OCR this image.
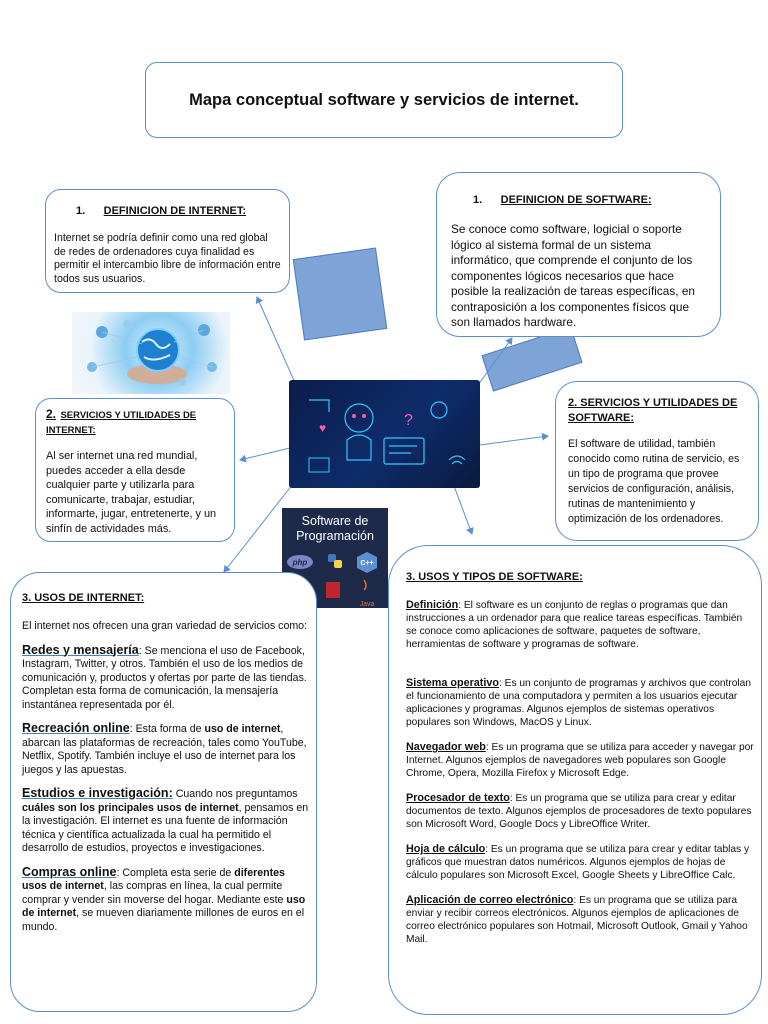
Mapa conceptual software y servicios de internet.
1. DEFINICION DE INTERNET:

Internet se podría definir como una red global de redes de ordenadores cuya finalidad es permitir el intercambio libre de información entre todos sus usuarios.

1. DEFINICION DE SOFTWARE:

Se conoce como software, logicial o soporte lógico al sistema formal de un sistema informático, que comprende el conjunto de los componentes lógicos necesarios que hace posible la realización de tareas específicas, en contraposición a los componentes físicos que son llamados hardware.

?
♥
2. SERVICIOS Y UTILIDADES DE INTERNET:

Al ser internet una red mundial, puedes acceder a ella desde cualquier parte y utilizarla para comunicarte, trabajar, estudiar, informarte, jugar, entretenerte, y un sinfín de actividades más.

2. SERVICIOS Y UTILIDADES DE SOFTWARE:

El software de utilidad, también conocido como rutina de servicio, es un tipo de programa que provee servicios de configuración, análisis, rutinas de mantenimiento y optimización de los ordenadores.

Software de
Programación
php	C++
Java
3. USOS DE INTERNET:

El internet nos ofrecen una gran variedad de servicios como:

Redes y mensajería: Se menciona el uso de Facebook, Instagram, Twitter, y otros. También el uso de los medios de comunicación y, productos y ofertas por parte de las tiendas. Completan esta forma de comunicación, la mensajería instantánea representada por él.

Recreación online: Esta forma de uso de internet, abarcan las plataformas de recreación, tales como YouTube, Netflix, Spotify. También incluye el uso de internet para los juegos y las apuestas.

Estudios e investigación: Cuando nos preguntamos cuáles son los principales usos de internet, pensamos en la investigación. El internet es una fuente de información técnica y científica actualizada la cual ha permitido el desarrollo de estudios, proyectos e investigaciones.

Compras online: Completa esta serie de diferentes usos de internet, las compras en línea, la cual permite comprar y vender sin moverse del hogar. Mediante este uso de internet, se mueven diariamente millones de euros en el mundo.

3. USOS Y TIPOS DE SOFTWARE:

Definición: El software es un conjunto de reglas o programas que dan instrucciones a un ordenador para que realice tareas específicas. También se conoce como aplicaciones de software, paquetes de software, herramientas de software y programas de software.

Sistema operativo: Es un conjunto de programas y archivos que controlan el funcionamiento de una computadora y permiten a los usuarios ejecutar aplicaciones y programas. Algunos ejemplos de sistemas operativos populares son Windows, MacOS y Linux.

Navegador web: Es un programa que se utiliza para acceder y navegar por Internet. Algunos ejemplos de navegadores web populares son Google Chrome, Opera, Mozilla Firefox y Microsoft Edge.

Procesador de texto: Es un programa que se utiliza para crear y editar documentos de texto. Algunos ejemplos de procesadores de texto populares son Microsoft Word, Google Docs y LibreOffice Writer.

Hoja de cálculo: Es un programa que se utiliza para crear y editar tablas y gráficos que muestran datos numéricos. Algunos ejemplos de hojas de cálculo populares son Microsoft Excel, Google Sheets y LibreOffice Calc.

Aplicación de correo electrónico: Es un programa que se utiliza para enviar y recibir correos electrónicos. Algunos ejemplos de aplicaciones de correo electrónico populares son Hotmail, Microsoft Outlook, Gmail y Yahoo Mail.
